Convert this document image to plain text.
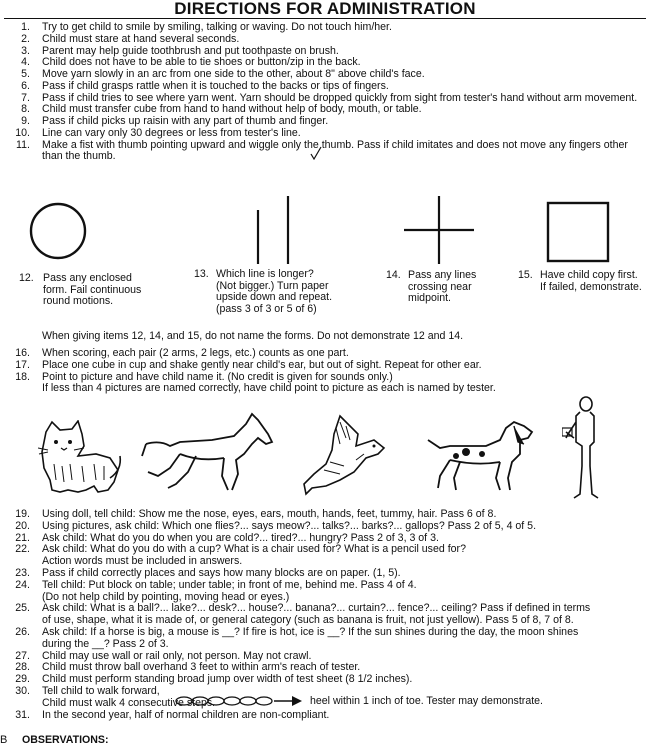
DIRECTIONS FOR ADMINISTRATION
1. Try to get child to smile by smiling, talking or waving. Do not touch him/her.
2. Child must stare at hand several seconds.
3. Parent may help guide toothbrush and put toothpaste on brush.
4. Child does not have to be able to tie shoes or button/zip in the back.
5. Move yarn slowly in an arc from one side to the other, about 8" above child's face.
6. Pass if child grasps rattle when it is touched to the backs or tips of fingers.
7. Pass if child tries to see where yarn went. Yarn should be dropped quickly from sight from tester's hand without arm movement.
8. Child must transfer cube from hand to hand without help of body, mouth, or table.
9. Pass if child picks up raisin with any part of thumb and finger.
10. Line can vary only 30 degrees or less from tester's line.
11. Make a fist with thumb pointing upward and wiggle only the thumb. Pass if child imitates and does not move any fingers other
than the thumb.
12. Pass any enclosed
form. Fail continuous
round motions.
13. Which line is longer?
(Not bigger.) Turn paper
upside down and repeat.
(pass 3 of 3 or 5 of 6)
14. Pass any lines
crossing near
midpoint.
15. Have child copy first.
If failed, demonstrate.
When giving items 12, 14, and 15, do not name the forms. Do not demonstrate 12 and 14.
16. When scoring, each pair (2 arms, 2 legs, etc.) counts as one part.
17. Place one cube in cup and shake gently near child's ear, but out of sight. Repeat for other ear.
18. Point to picture and have child name it. (No credit is given for sounds only.)
If less than 4 pictures are named correctly, have child point to picture as each is named by tester.
19. Using doll, tell child: Show me the nose, eyes, ears, mouth, hands, feet, tummy, hair. Pass 6 of 8.
20. Using pictures, ask child: Which one flies?... says meow?... talks?... barks?... gallops? Pass 2 of 5, 4 of 5.
21. Ask child: What do you do when you are cold?... tired?... hungry? Pass 2 of 3, 3 of 3.
22. Ask child: What do you do with a cup? What is a chair used for? What is a pencil used for?
Action words must be included in answers.
23. Pass if child correctly places and says how many blocks are on paper. (1, 5).
24. Tell child: Put block on table; under table; in front of me, behind me. Pass 4 of 4.
(Do not help child by pointing, moving head or eyes.)
25. Ask child: What is a ball?... lake?... desk?... house?... banana?... curtain?... fence?... ceiling? Pass if defined in terms
of use, shape, what it is made of, or general category (such as banana is fruit, not just yellow). Pass 5 of 8, 7 of 8.
26. Ask child: If a horse is big, a mouse is __? If fire is hot, ice is __? If the sun shines during the day, the moon shines
during the __? Pass 2 of 3.
27. Child may use wall or rail only, not person. May not crawl.
28. Child must throw ball overhand 3 feet to within arm's reach of tester.
29. Child must perform standing broad jump over width of test sheet (8 1/2 inches).
30. Tell child to walk forward,
Child must walk 4 consecutive steps.
31. In the second year, half of normal children are non-compliant.
heel within 1 inch of toe. Tester may demonstrate.
B OBSERVATIONS:
